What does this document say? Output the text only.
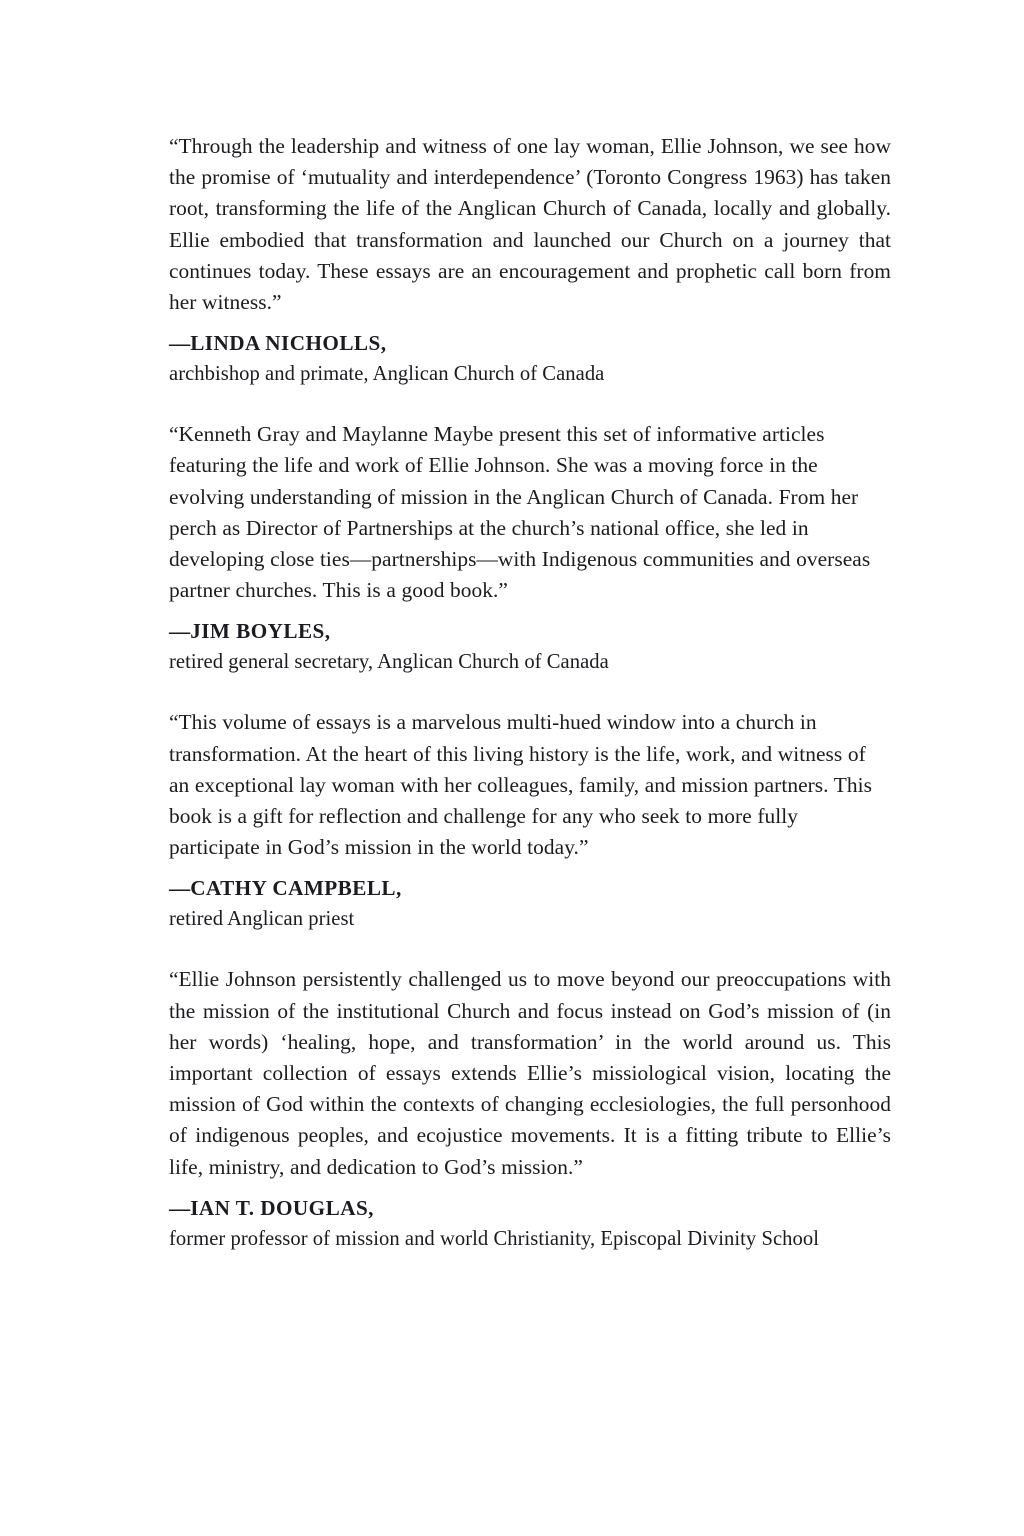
“Through the leadership and witness of one lay woman, Ellie Johnson, we see how the promise of ‘mutuality and interdependence’ (Toronto Congress 1963) has taken root, transforming the life of the Anglican Church of Canada, locally and globally. Ellie embodied that transformation and launched our Church on a journey that continues today. These essays are an encouragement and prophetic call born from her witness.”

—LINDA NICHOLLS,

archbishop and primate, Anglican Church of Canada

“Kenneth Gray and Maylanne Maybe present this set of informative articles featuring the life and work of Ellie Johnson. She was a moving force in the evolving understanding of mission in the Anglican Church of Canada. From her perch as Director of Partnerships at the church’s national office, she led in developing close ties—partnerships—with Indigenous communities and overseas partner churches. This is a good book.”

—JIM BOYLES,

retired general secretary, Anglican Church of Canada

“This volume of essays is a marvelous multi-hued window into a church in transformation. At the heart of this living history is the life, work, and witness of an exceptional lay woman with her colleagues, family, and mission partners. This book is a gift for reflection and challenge for any who seek to more fully participate in God’s mission in the world today.”

—CATHY CAMPBELL,

retired Anglican priest

“Ellie Johnson persistently challenged us to move beyond our preoccupations with the mission of the institutional Church and focus instead on God’s mission of (in her words) ‘healing, hope, and transformation’ in the world around us. This important collection of essays extends Ellie’s missiological vision, locating the mission of God within the contexts of changing ecclesiologies, the full personhood of indigenous peoples, and ecojustice movements. It is a fitting tribute to Ellie’s life, ministry, and dedication to God’s mission.”

—IAN T. DOUGLAS,

former professor of mission and world Christianity, Episcopal Divinity School
